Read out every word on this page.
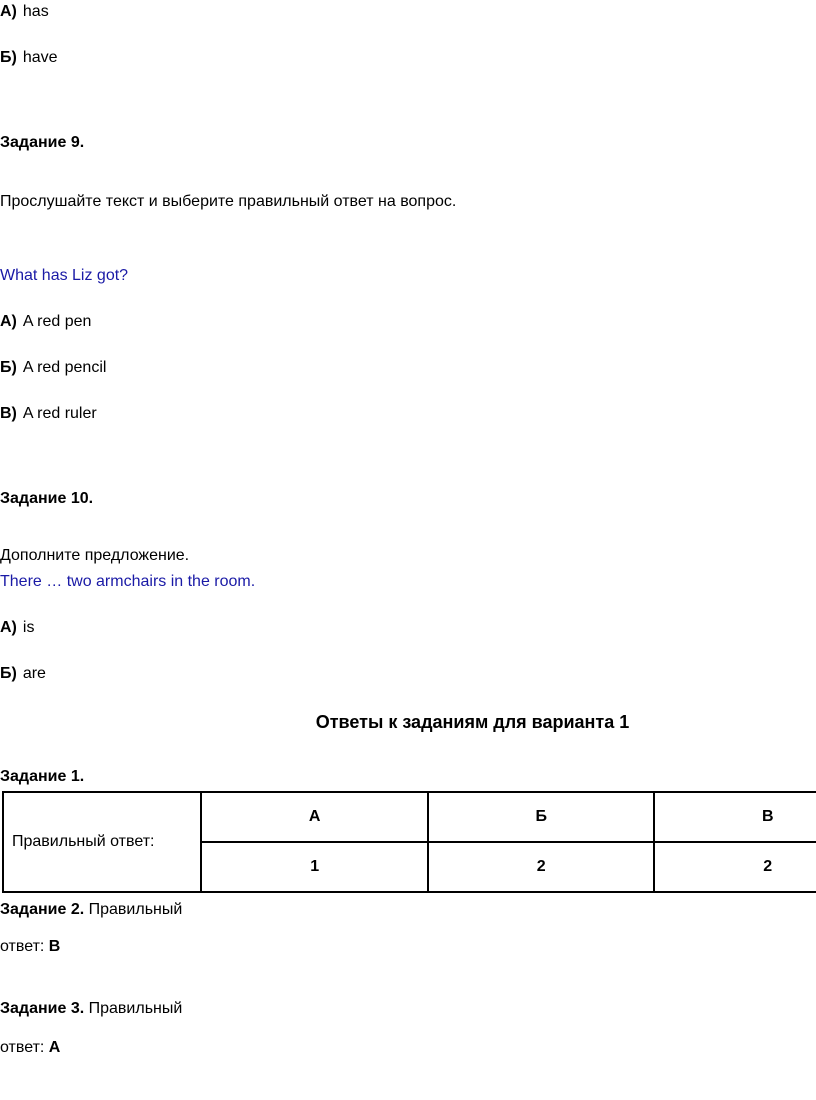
А) has
Б) have
Задание 9.
Прослушайте текст и выберите правильный ответ на вопрос.
What has Liz got?
А) A red pen
Б) A red pencil
В) A red ruler
Задание 10.
Дополните предложение.
There … two armchairs in the room.
А) is
Б) are
Ответы к заданиям для варианта 1
Задание 1.
Правильный ответ:	А	Б	В
	1	2	2
Задание 2. Правильный
ответ: В
Задание 3. Правильный
ответ: А
